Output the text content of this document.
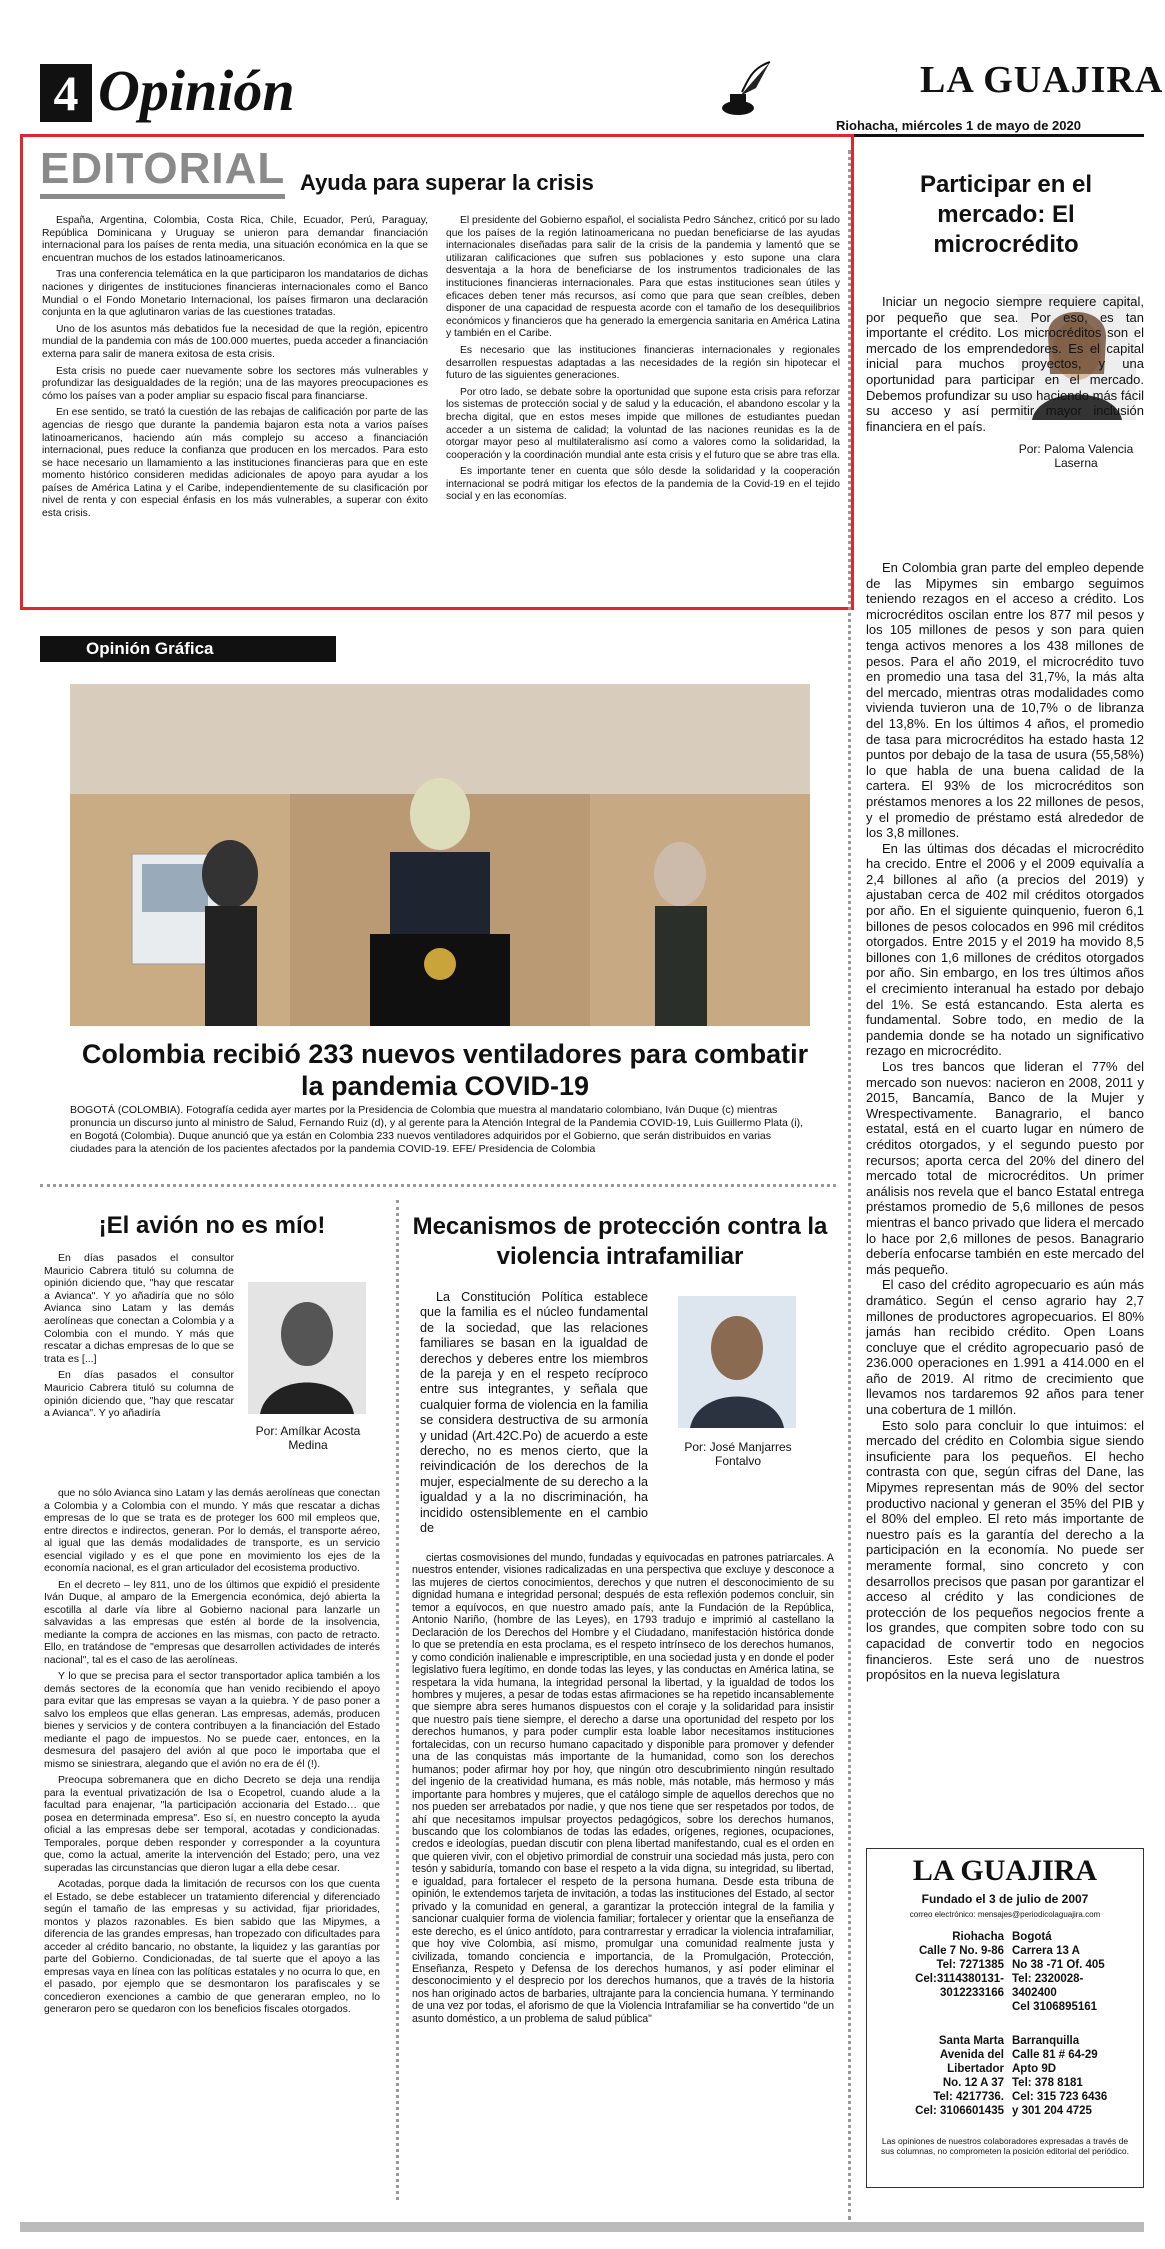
4 Opinión	LA GUAJIRA
Riohacha, miércoles 1 de mayo de 2020
EDITORIAL Ayuda para superar la crisis

España, Argentina, Colombia, Costa Rica, Chile, Ecuador, Perú, Paraguay, República Dominicana y Uruguay se unieron para demandar financiación internacional para los países de renta media, una situación económica en la que se encuentran muchos de los estados latinoamericanos.

Tras una conferencia telemática en la que participaron los mandatarios de dichas naciones y dirigentes de instituciones financieras internacionales como el Banco Mundial o el Fondo Monetario Internacional, los países firmaron una declaración conjunta en la que aglutinaron varias de las cuestiones tratadas.

Uno de los asuntos más debatidos fue la necesidad de que la región, epicentro mundial de la pandemia con más de 100.000 muertes, pueda acceder a financiación externa para salir de manera exitosa de esta crisis.

Esta crisis no puede caer nuevamente sobre los sectores más vulnerables y profundizar las desigualdades de la región; una de las mayores preocupaciones es cómo los países van a poder ampliar su espacio fiscal para financiarse.

En ese sentido, se trató la cuestión de las rebajas de calificación por parte de las agencias de riesgo que durante la pandemia bajaron esta nota a varios países latinoamericanos, haciendo aún más complejo su acceso a financiación internacional, pues reduce la confianza que producen en los mercados. Para esto se hace necesario un llamamiento a las instituciones financieras para que en este momento histórico consideren medidas adicionales de apoyo para ayudar a los países de América Latina y el Caribe, independientemente de su clasificación por nivel de renta y con especial énfasis en los más vulnerables, a superar con éxito esta crisis.

El presidente del Gobierno español, el socialista Pedro Sánchez, criticó por su lado que los países de la región latinoamericana no puedan beneficiarse de las ayudas internacionales diseñadas para salir de la crisis de la pandemia y lamentó que se utilizaran calificaciones que sufren sus poblaciones y esto supone una clara desventaja a la hora de beneficiarse de los instrumentos tradicionales de las instituciones financieras internacionales. Para que estas instituciones sean útiles y eficaces deben tener más recursos, así como que para que sean creíbles, deben disponer de una capacidad de respuesta acorde con el tamaño de los desequilibrios económicos y financieros que ha generado la emergencia sanitaria en América Latina y también en el Caribe.

Es necesario que las instituciones financieras internacionales y regionales desarrollen respuestas adaptadas a las necesidades de la región sin hipotecar el futuro de las siguientes generaciones.

Por otro lado, se debate sobre la oportunidad que supone esta crisis para reforzar los sistemas de protección social y de salud y la educación, el abandono escolar y la brecha digital, que en estos meses impide que millones de estudiantes puedan acceder a un sistema de calidad; la voluntad de las naciones reunidas es la de otorgar mayor peso al multilateralismo así como a valores como la solidaridad, la cooperación y la coordinación mundial ante esta crisis y el futuro que se abre tras ella.

Es importante tener en cuenta que sólo desde la solidaridad y la cooperación internacional se podrá mitigar los efectos de la pandemia de la Covid-19 en el tejido social y en las economías.

Opinión Gráfica
Colombia recibió 233 nuevos ventiladores para combatir la pandemia COVID-19
BOGOTÁ (COLOMBIA). Fotografía cedida ayer martes por la Presidencia de Colombia que muestra al mandatario colombiano, Iván Duque (c) mientras pronuncia un discurso junto al ministro de Salud, Fernando Ruiz (d), y al gerente para la Atención Integral de la Pandemia COVID-19, Luis Guillermo Plata (i), en Bogotá (Colombia). Duque anunció que ya están en Colombia 233 nuevos ventiladores adquiridos por el Gobierno, que serán distribuidos en varias ciudades para la atención de los pacientes afectados por la pandemia COVID-19. EFE/ Presidencia de Colombia
¡El avión no es mío!

En días pasados el consultor Mauricio Cabrera tituló su columna de opinión diciendo que, "hay que rescatar a Avianca". Y yo añadiría que no sólo Avianca sino Latam y las demás aerolíneas que conectan a Colombia y a Colombia con el mundo. Y más que rescatar a dichas empresas de lo que se trata es [...]

En días pasados el consultor Mauricio Cabrera tituló su columna de opinión diciendo que, "hay que rescatar a Avianca". Y yo añadiría

Por: Amílkar Acosta Medina

que no sólo Avianca sino Latam y las demás aerolíneas que conectan a Colombia y a Colombia con el mundo. Y más que rescatar a dichas empresas de lo que se trata es de proteger los 600 mil empleos que, entre directos e indirectos, generan. Por lo demás, el transporte aéreo, al igual que las demás modalidades de transporte, es un servicio esencial vigilado y es el que pone en movimiento los ejes de la economía nacional, es el gran articulador del ecosistema productivo.

En el decreto – ley 811, uno de los últimos que expidió el presidente Iván Duque, al amparo de la Emergencia económica, dejó abierta la escotilla al darle vía libre al Gobierno nacional para lanzarle un salvavidas a las empresas que estén al borde de la insolvencia, mediante la compra de acciones en las mismas, con pacto de retracto. Ello, en tratándose de "empresas que desarrollen actividades de interés nacional", tal es el caso de las aerolíneas.

Y lo que se precisa para el sector transportador aplica también a los demás sectores de la economía que han venido recibiendo el apoyo para evitar que las empresas se vayan a la quiebra. Y de paso poner a salvo los empleos que ellas generan. Las empresas, además, producen bienes y servicios y de contera contribuyen a la financiación del Estado mediante el pago de impuestos. No se puede caer, entonces, en la desmesura del pasajero del avión al que poco le importaba que el mismo se siniestrara, alegando que el avión no era de él (!).

Preocupa sobremanera que en dicho Decreto se deja una rendija para la eventual privatización de Isa o Ecopetrol, cuando alude a la facultad para enajenar, "la participación accionaria del Estado… que posea en determinada empresa". Eso sí, en nuestro concepto la ayuda oficial a las empresas debe ser temporal, acotadas y condicionadas. Temporales, porque deben responder y corresponder a la coyuntura que, como la actual, amerite la intervención del Estado; pero, una vez superadas las circunstancias que dieron lugar a ella debe cesar.

Acotadas, porque dada la limitación de recursos con los que cuenta el Estado, se debe establecer un tratamiento diferencial y diferenciado según el tamaño de las empresas y su actividad, fijar prioridades, montos y plazos razonables. Es bien sabido que las Mipymes, a diferencia de las grandes empresas, han tropezado con dificultades para acceder al crédito bancario, no obstante, la liquidez y las garantías por parte del Gobierno. Condicionadas, de tal suerte que el apoyo a las empresas vaya en línea con las políticas estatales y no ocurra lo que, en el pasado, por ejemplo que se desmontaron los parafiscales y se concedieron exenciones a cambio de que generaran empleo, no lo generaron pero se quedaron con los beneficios fiscales otorgados.

Mecanismos de protección contra la violencia intrafamiliar

La Constitución Política establece que la familia es el núcleo fundamental de la sociedad, que las relaciones familiares se basan en la igualdad de derechos y deberes entre los miembros de la pareja y en el respeto recíproco entre sus integrantes, y señala que cualquier forma de violencia en la familia se considera destructiva de su armonía y unidad (Art.42C.Po) de acuerdo a este derecho, no es menos cierto, que la reivindicación de los derechos de la mujer, especialmente de su derecho a la igualdad y a la no discriminación, ha incidido ostensiblemente en el cambio de

Por: José Manjarres Fontalvo

ciertas cosmovisiones del mundo, fundadas y equivocadas en patrones patriarcales. A nuestros entender, visiones radicalizadas en una perspectiva que excluye y desconoce a las mujeres de ciertos conocimientos, derechos y que nutren el desconocimiento de su dignidad humana e integridad personal; después de esta reflexión podemos concluir, sin temor a equívocos, en que nuestro amado país, ante la Fundación de la República, Antonio Nariño, (hombre de las Leyes), en 1793 tradujo e imprimió al castellano la Declaración de los Derechos del Hombre y el Ciudadano, manifestación histórica donde lo que se pretendía en esta proclama, es el respeto intrínseco de los derechos humanos, y como condición inalienable e imprescriptible, en una sociedad justa y en donde el poder legislativo fuera legítimo, en donde todas las leyes, y las conductas en América latina, se respetara la vida humana, la integridad personal la libertad, y la igualdad de todos los hombres y mujeres, a pesar de todas estas afirmaciones se ha repetido incansablemente que siempre abra seres humanos dispuestos con el coraje y la solidaridad para insistir que nuestro país tiene siempre, el derecho a darse una oportunidad del respeto por los derechos humanos, y para poder cumplir esta loable labor necesitamos instituciones fortalecidas, con un recurso humano capacitado y disponible para promover y defender una de las conquistas más importante de la humanidad, como son los derechos humanos; poder afirmar hoy por hoy, que ningún otro descubrimiento ningún resultado del ingenio de la creatividad humana, es más noble, más notable, más hermoso y más importante para hombres y mujeres, que el catálogo simple de aquellos derechos que no nos pueden ser arrebatados por nadie, y que nos tiene que ser respetados por todos, de ahí que necesitamos impulsar proyectos pedagógicos, sobre los derechos humanos, buscando que los colombianos de todas las edades, orígenes, regiones, ocupaciones, credos e ideologías, puedan discutir con plena libertad manifestando, cual es el orden en que quieren vivir, con el objetivo primordial de construir una sociedad más justa, pero con tesón y sabiduría, tomando con base el respeto a la vida digna, su integridad, su libertad, e igualdad, para fortalecer el respeto de la persona humana. Desde esta tribuna de opinión, le extendemos tarjeta de invitación, a todas las instituciones del Estado, al sector privado y la comunidad en general, a garantizar la protección integral de la familia y sancionar cualquier forma de violencia familiar; fortalecer y orientar que la enseñanza de este derecho, es el único antídoto, para contrarrestar y erradicar la violencia intrafamiliar, que hoy vive Colombia, así mismo, promulgar una comunidad realmente justa y civilizada, tomando conciencia e importancia, de la Promulgación, Protección, Enseñanza, Respeto y Defensa de los derechos humanos, y así poder eliminar el desconocimiento y el desprecio por los derechos humanos, que a través de la historia nos han originado actos de barbaries, ultrajante para la conciencia humana. Y terminando de una vez por todas, el aforismo de que la Violencia Intrafamiliar se ha convertido "de un asunto doméstico, a un problema de salud pública"

Participar en el mercado: El microcrédito
Por: Paloma Valencia Laserna

Iniciar un negocio siempre requiere capital, por pequeño que sea. Por eso, es tan importante el crédito. Los microcréditos son el mercado de los emprendedores. Es el capital inicial para muchos proyectos, y una oportunidad para participar en el mercado. Debemos profundizar su uso haciendo más fácil su acceso y así permitir mayor inclusión financiera en el país.

En Colombia gran parte del empleo depende de las Mipymes sin embargo seguimos teniendo rezagos en el acceso a crédito. Los microcréditos oscilan entre los 877 mil pesos y los 105 millones de pesos y son para quien tenga activos menores a los 438 millones de pesos. Para el año 2019, el microcrédito tuvo en promedio una tasa del 31,7%, la más alta del mercado, mientras otras modalidades como vivienda tuvieron una de 10,7% o de libranza del 13,8%. En los últimos 4 años, el promedio de tasa para microcréditos ha estado hasta 12 puntos por debajo de la tasa de usura (55,58%) lo que habla de una buena calidad de la cartera. El 93% de los microcréditos son préstamos menores a los 22 millones de pesos, y el promedio de préstamo está alrededor de los 3,8 millones.

En las últimas dos décadas el microcrédito ha crecido. Entre el 2006 y el 2009 equivalía a 2,4 billones al año (a precios del 2019) y ajustaban cerca de 402 mil créditos otorgados por año. En el siguiente quinquenio, fueron 6,1 billones de pesos colocados en 996 mil créditos otorgados. Entre 2015 y el 2019 ha movido 8,5 billones con 1,6 millones de créditos otorgados por año. Sin embargo, en los tres últimos años el crecimiento interanual ha estado por debajo del 1%. Se está estancando. Esta alerta es fundamental. Sobre todo, en medio de la pandemia donde se ha notado un significativo rezago en microcrédito.

Los tres bancos que lideran el 77% del mercado son nuevos: nacieron en 2008, 2011 y 2015, Bancamía, Banco de la Mujer y Wrespectivamente. Banagrario, el banco estatal, está en el cuarto lugar en número de créditos otorgados, y el segundo puesto por recursos; aporta cerca del 20% del dinero del mercado total de microcréditos. Un primer análisis nos revela que el banco Estatal entrega préstamos promedio de 5,6 millones de pesos mientras el banco privado que lidera el mercado lo hace por 2,6 millones de pesos. Banagrario debería enfocarse también en este mercado del más pequeño.

El caso del crédito agropecuario es aún más dramático. Según el censo agrario hay 2,7 millones de productores agropecuarios. El 80% jamás han recibido crédito. Open Loans concluye que el crédito agropecuario pasó de 236.000 operaciones en 1.991 a 414.000 en el año de 2019. Al ritmo de crecimiento que llevamos nos tardaremos 92 años para tener una cobertura de 1 millón.

Esto solo para concluir lo que intuimos: el mercado del crédito en Colombia sigue siendo insuficiente para los pequeños. El hecho contrasta con que, según cifras del Dane, las Mipymes representan más de 90% del sector productivo nacional y generan el 35% del PIB y el 80% del empleo. El reto más importante de nuestro país es la garantía del derecho a la participación en la economía. No puede ser meramente formal, sino concreto y con desarrollos precisos que pasan por garantizar el acceso al crédito y las condiciones de protección de los pequeños negocios frente a los grandes, que compiten sobre todo con su capacidad de convertir todo en negocios financieros. Este será uno de nuestros propósitos en la nueva legislatura

LA GUAJIRA
Fundado el 3 de julio de 2007
correo electrónico: mensajes@periodicolaguajira.com
Riohacha
Calle 7 No. 9-86
Tel: 7271385
Cel:3114380131-
3012233166
Bogotá
Carrera 13 A
No 38 -71 Of. 405
Tel: 2320028-
3402400
Cel 3106895161
Santa Marta
Avenida del
Libertador
No. 12 A 37
Tel: 4217736.
Cel: 3106601435
Barranquilla
Calle 81 # 64-29
Apto 9D
Tel: 378 8181
Cel: 315 723 6436
y 301 204 4725
Las opiniones de nuestros colaboradores expresadas a través de sus columnas, no comprometen la posición editorial del periódico.
